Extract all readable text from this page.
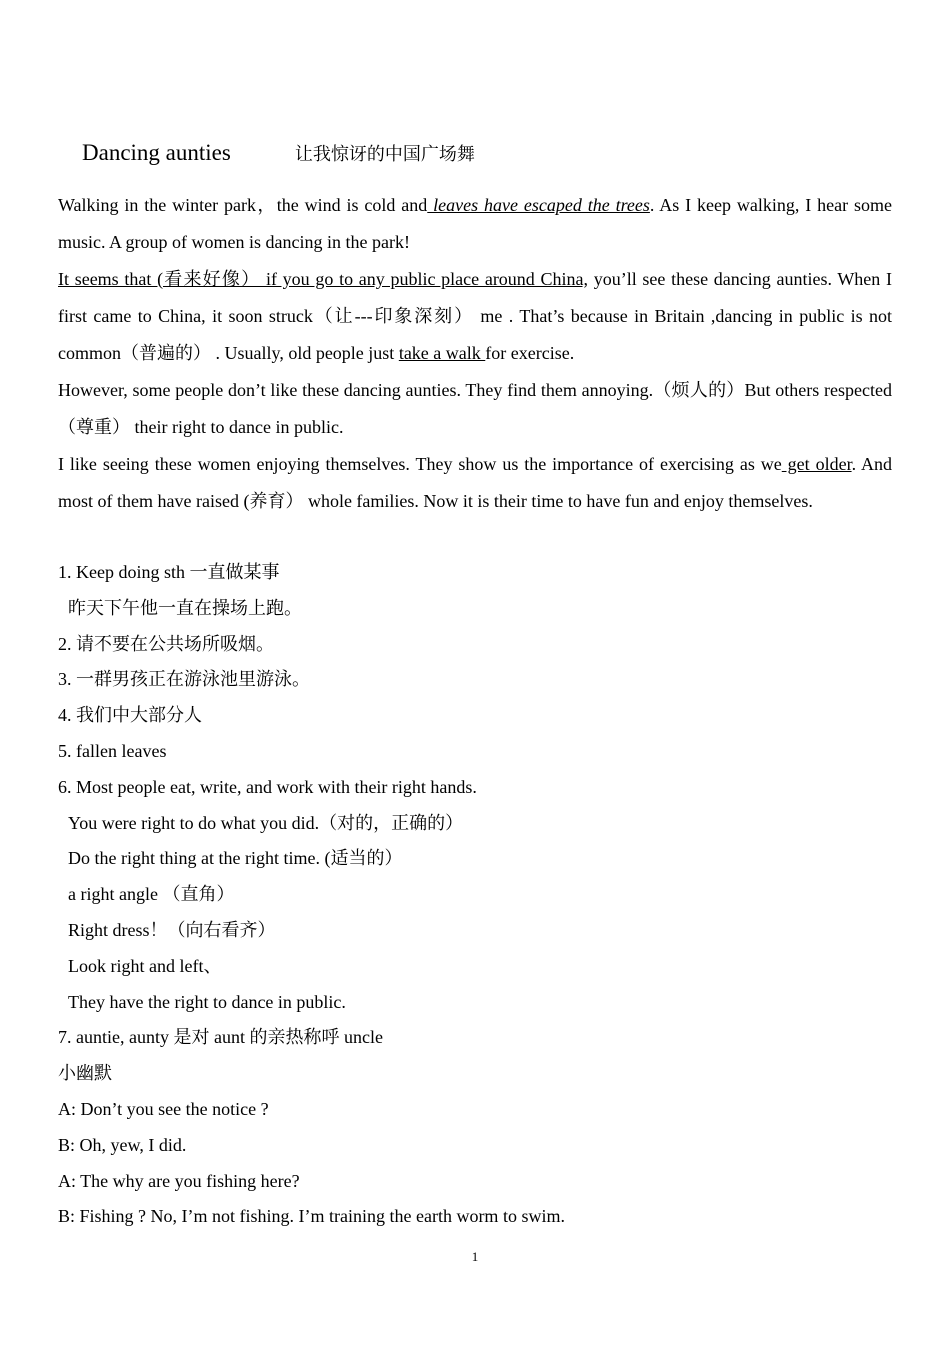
Dancing aunties	让我惊讶的中国广场舞

Walking in the winter park，the wind is cold and leaves have escaped the trees. As I keep walking, I hear some music. A group of women is dancing in the park!

It seems that (看来好像） if you go to any public place around China, you’ll see these dancing aunties. When I first came to China, it soon struck（让---印象深刻） me . That’s because in Britain ,dancing in public is not common（普遍的） . Usually, old people just take a walk for exercise.

However, some people don’t like these dancing aunties. They find them annoying.（烦人的）But others respected（尊重） their right to dance in public.

I like seeing these women enjoying themselves. They show us the importance of exercising as we get older. And most of them have raised (养育） whole families. Now it is their time to have fun and enjoy themselves.

1. Keep doing sth 一直做某事
昨天下午他一直在操场上跑。
2. 请不要在公共场所吸烟。
3. 一群男孩正在游泳池里游泳。
4. 我们中大部分人
5. fallen leaves
6. Most people eat, write, and work with their right hands.
You were right to do what you did.（对的，正确的）
Do the right thing at the right time. (适当的）
a right angle （直角）
Right dress！（向右看齐）
Look right and left、
They have the right to dance in public.
7. auntie, aunty 是对 aunt 的亲热称呼 uncle
小幽默
A: Don’t you see the notice ?
B: Oh, yew, I did.
A: The why are you fishing here?
B: Fishing ? No, I’m not fishing. I’m training the earth worm to swim.
1
